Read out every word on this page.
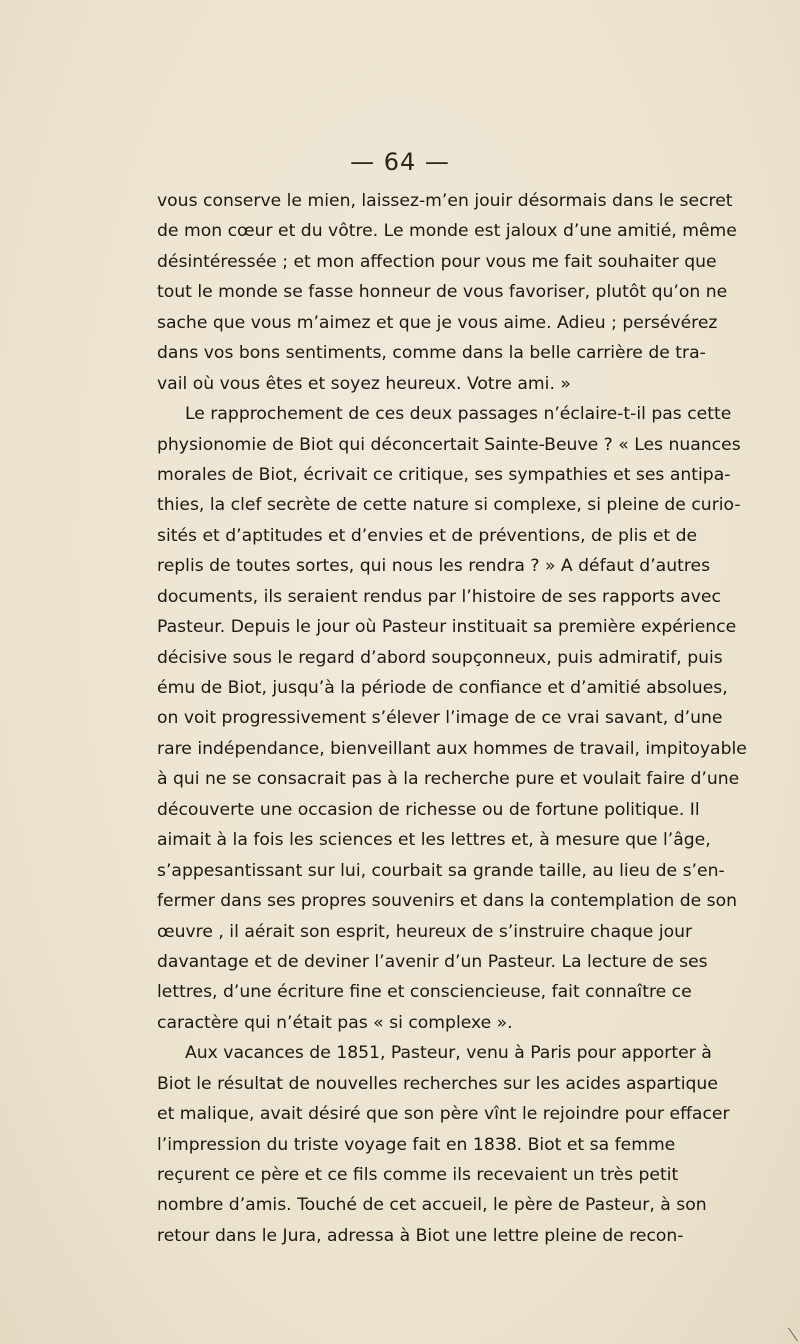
— 64 —
vous conserve le mien, laissez-m’en jouir désormais dans le secret
de mon cœur et du vôtre. Le monde est jaloux d’une amitié, même
désintéressée ; et mon affection pour vous me fait souhaiter que
tout le monde se fasse honneur de vous favoriser, plutôt qu’on ne
sache que vous m’aimez et que je vous aime. Adieu ; persévérez
dans vos bons sentiments, comme dans la belle carrière de tra-
vail où vous êtes et soyez heureux. Votre ami. »
Le rapprochement de ces deux passages n’éclaire-t-il pas cette
physionomie de Biot qui déconcertait Sainte-Beuve ? « Les nuances
morales de Biot, écrivait ce critique, ses sympathies et ses antipa-
thies, la clef secrète de cette nature si complexe, si pleine de curio-
sités et d’aptitudes et d’envies et de préventions, de plis et de
replis de toutes sortes, qui nous les rendra ? » A défaut d’autres
documents, ils seraient rendus par l’histoire de ses rapports avec
Pasteur. Depuis le jour où Pasteur instituait sa première expérience
décisive sous le regard d’abord soupçonneux, puis admiratif, puis
ému de Biot, jusqu’à la période de confiance et d’amitié absolues,
on voit progressivement s’élever l’image de ce vrai savant, d’une
rare indépendance, bienveillant aux hommes de travail, impitoyable
à qui ne se consacrait pas à la recherche pure et voulait faire d’une
découverte une occasion de richesse ou de fortune politique. Il
aimait à la fois les sciences et les lettres et, à mesure que l’âge,
s’appesantissant sur lui, courbait sa grande taille, au lieu de s’en-
fermer dans ses propres souvenirs et dans la contemplation de son
œuvre , il aérait son esprit, heureux de s’instruire chaque jour
davantage et de deviner l’avenir d’un Pasteur. La lecture de ses
lettres, d’une écriture fine et consciencieuse, fait connaître ce
caractère qui n’était pas « si complexe ».
Aux vacances de 1851, Pasteur, venu à Paris pour apporter à
Biot le résultat de nouvelles recherches sur les acides aspartique
et malique, avait désiré que son père vînt le rejoindre pour effacer
l’impression du triste voyage fait en 1838. Biot et sa femme
reçurent ce père et ce fils comme ils recevaient un très petit
nombre d’amis. Touché de cet accueil, le père de Pasteur, à son
retour dans le Jura, adressa à Biot une lettre pleine de recon-
